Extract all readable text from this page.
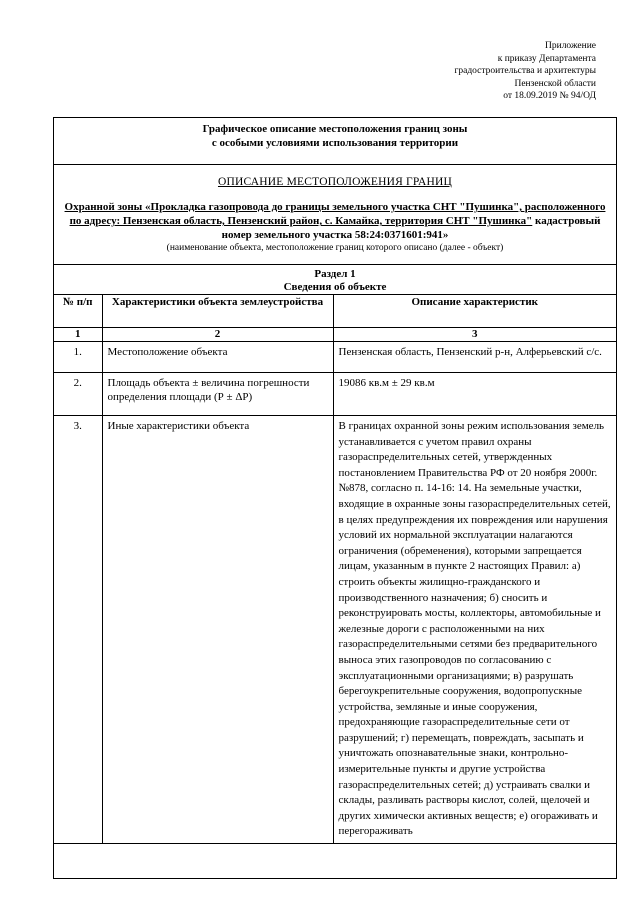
Приложение
к приказу Департамента
градостроительства и архитектуры
Пензенской области
от 18.09.2019 № 94/ОД
Графическое описание местоположения границ зоны
с особыми условиями использования территории
ОПИСАНИЕ МЕСТОПОЛОЖЕНИЯ ГРАНИЦ
Охранной зоны «Прокладка газопровода до границы земельного участка СНТ "Пушинка", расположенного по адресу: Пензенская область, Пензенский район, с. Камайка, территория СНТ "Пушинка" кадастровый номер земельного участка 58:24:0371601:941»
(наименование объекта, местоположение границ которого описано (далее - объект)
Раздел 1
Сведения об объекте
№ п/п	Характеристики объекта землеустройства	Описание характеристик
1	2	3
1.	Местоположение объекта	Пензенская область, Пензенский р-н, Алферьевский с/с.
2.	Площадь объекта ± величина погрешности определения площади (Р ± ΔР)	19086 кв.м ± 29 кв.м
3.	Иные характеристики объекта	В границах охранной зоны режим использования земель устанавливается с учетом правил охраны газораспределительных сетей, утвержденных постановлением Правительства РФ от 20 ноября 2000г. №878, согласно п. 14-16: 14. На земельные участки, входящие в охранные зоны газораспределительных сетей, в целях предупреждения их повреждения или нарушения условий их нормальной эксплуатации налагаются ограничения (обременения), которыми запрещается лицам, указанным в пункте 2 настоящих Правил: а) строить объекты жилищно-гражданского и производственного назначения; б) сносить и реконструировать мосты, коллекторы, автомобильные и железные дороги с расположенными на них газораспределительными сетями без предварительного выноса этих газопроводов по согласованию с эксплуатационными организациями; в) разрушать берегоукрепительные сооружения, водопропускные устройства, земляные и иные сооружения, предохраняющие газораспределительные сети от разрушений; г) перемещать, повреждать, засыпать и уничтожать опознавательные знаки, контрольно-измерительные пункты и другие устройства газораспределительных сетей; д) устраивать свалки и склады, разливать растворы кислот, солей, щелочей и других химически активных веществ; е) огораживать и перегораживать
